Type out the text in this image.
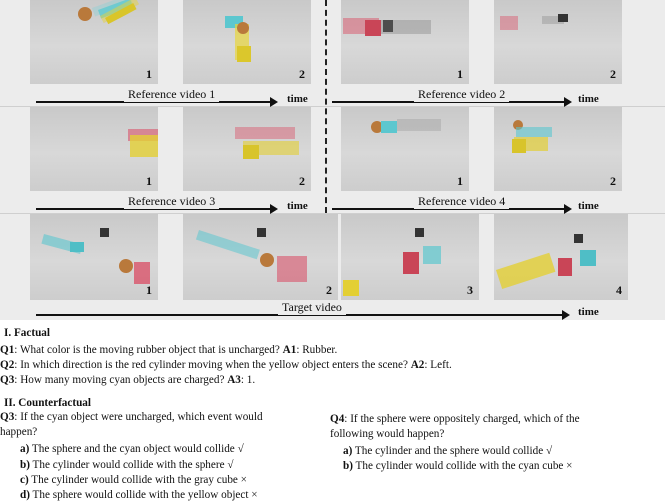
1	2
Reference video 1	time
1	2
Reference video 2	time
1	2
Reference video 3	time
1	2
Reference video 4	time
1	2	3	4
Target video	time
I. Factual
Q1: What color is the moving rubber object that is uncharged? A1: Rubber.
Q2: In which direction is the red cylinder moving when the yellow object enters the scene? A2: Left.
Q3: How many moving cyan objects are charged? A3: 1.
II. Counterfactual
Q3: If the cyan object were uncharged, which event would
happen?
a) The sphere and the cyan object would collide √
b) The cylinder would collide with the sphere √
c) The cylinder would collide with the gray cube ×
d) The sphere would collide with the yellow object ×
Q4: If the sphere were oppositely charged, which of the
following would happen?
a) The cylinder and the sphere would collide √
b) The cylinder would collide with the cyan cube ×
